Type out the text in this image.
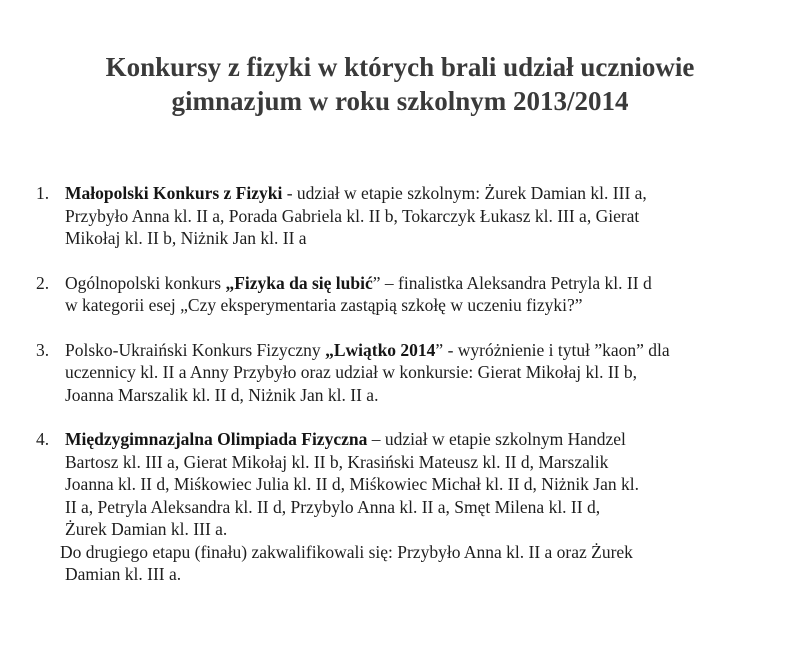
Konkursy z fizyki w których brali udział uczniowie
gimnazjum w roku szkolnym 2013/2014
1. Małopolski Konkurs z Fizyki - udział w etapie szkolnym: Żurek Damian kl. III a,
Przybyło Anna kl. II a, Porada Gabriela kl. II b, Tokarczyk Łukasz kl. III a, Gierat
Mikołaj kl. II b, Niżnik Jan kl. II a
2. Ogólnopolski konkurs „Fizyka da się lubić” – finalistka Aleksandra Petryla kl. II d
w kategorii esej „Czy eksperymentaria zastąpią szkołę w uczeniu fizyki?”
3. Polsko-Ukraiński Konkurs Fizyczny „Lwiątko 2014” - wyróżnienie i tytuł ”kaon” dla
uczennicy kl. II a Anny Przybyło oraz udział w konkursie: Gierat Mikołaj kl. II b,
Joanna Marszalik kl. II d, Niżnik Jan kl. II a.
4. Międzygimnazjalna Olimpiada Fizyczna – udział w etapie szkolnym Handzel
Bartosz kl. III a, Gierat Mikołaj kl. II b, Krasiński Mateusz kl. II d, Marszalik
Joanna kl. II d, Miśkowiec Julia kl. II d, Miśkowiec Michał kl. II d, Niżnik Jan kl.
II a, Petryla Aleksandra kl. II d, Przybylo Anna kl. II a, Smęt Milena kl. II d,
Żurek Damian kl. III a.
Do drugiego etapu (finału) zakwalifikowali się: Przybyło Anna kl. II a oraz Żurek
Damian kl. III a.
